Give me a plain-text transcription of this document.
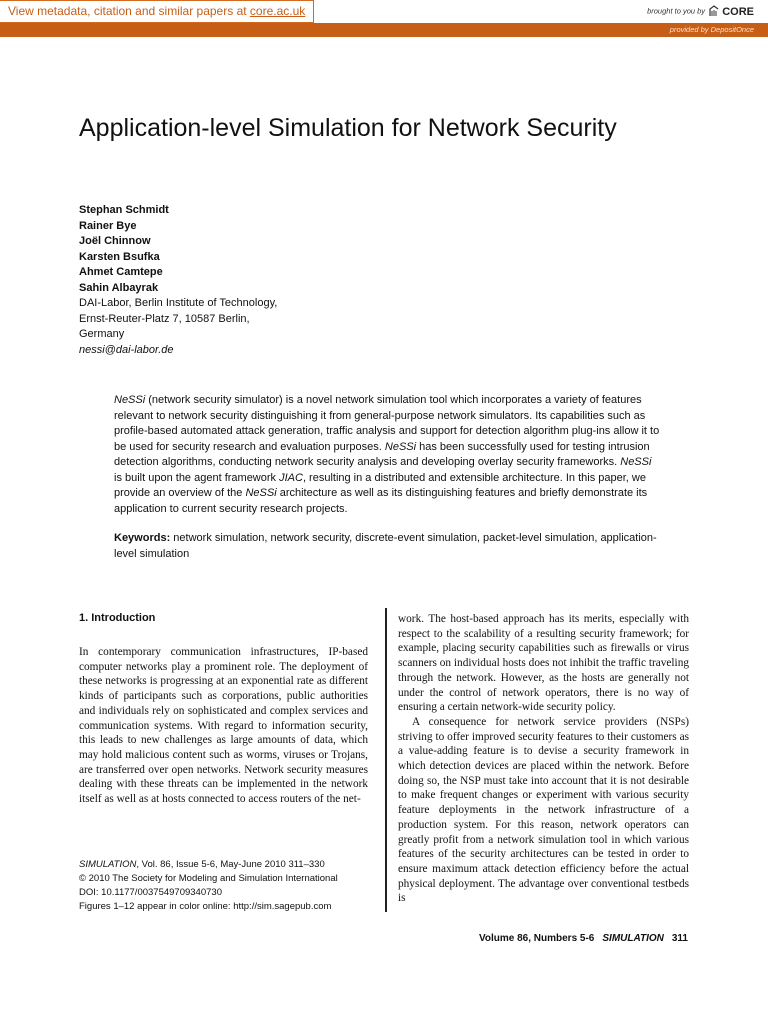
View metadata, citation and similar papers at core.ac.uk	brought to you by CORE
provided by DepositOnce
Application-level Simulation for Network Security
Stephan Schmidt
Rainer Bye
Joël Chinnow
Karsten Bsufka
Ahmet Camtepe
Sahin Albayrak
DAI-Labor, Berlin Institute of Technology,
Ernst-Reuter-Platz 7, 10587 Berlin,
Germany
nessi@dai-labor.de
NeSSi (network security simulator) is a novel network simulation tool which incorporates a variety of features relevant to network security distinguishing it from general-purpose network simulators. Its capabilities such as profile-based automated attack generation, traffic analysis and support for detection algorithm plug-ins allow it to be used for security research and evaluation purposes. NeSSi has been successfully used for testing intrusion detection algorithms, conducting network security analysis and developing overlay security frameworks. NeSSi is built upon the agent framework JIAC, resulting in a distributed and extensible architecture. In this paper, we provide an overview of the NeSSi architecture as well as its distinguishing features and briefly demonstrate its application to current security research projects.
Keywords: network simulation, network security, discrete-event simulation, packet-level simulation, application-level simulation
1. Introduction

In contemporary communication infrastructures, IP-based computer networks play a prominent role. The deployment of these networks is progressing at an exponential rate as different kinds of participants such as corporations, public authorities and individuals rely on sophisticated and complex services and communication systems. With regard to information security, this leads to new challenges as large amounts of data, which may hold malicious content such as worms, viruses or Trojans, are transferred over open networks. Network security measures dealing with these threats can be implemented in the network itself as well as at hosts connected to access routers of the net-

work. The host-based approach has its merits, especially with respect to the scalability of a resulting security framework; for example, placing security capabilities such as firewalls or virus scanners on individual hosts does not inhibit the traffic traveling through the network. However, as the hosts are generally not under the control of network operators, there is no way of ensuring a certain network-wide security policy.

A consequence for network service providers (NSPs) striving to offer improved security features to their customers as a value-adding feature is to devise a security framework in which detection devices are placed within the network. Before doing so, the NSP must take into account that it is not desirable to make frequent changes or experiment with various security feature deployments in the network infrastructure of a production system. For this reason, network operators can greatly profit from a network simulation tool in which various features of the security architectures can be tested in order to ensure maximum attack detection efficiency before the actual physical deployment. The advantage over conventional testbeds is

SIMULATION, Vol. 86, Issue 5-6, May-June 2010 311–330
© 2010 The Society for Modeling and Simulation International
DOI: 10.1177/0037549709340730
Figures 1–12 appear in color online: http://sim.sagepub.com
Volume 86, Numbers 5-6 SIMULATION 311
